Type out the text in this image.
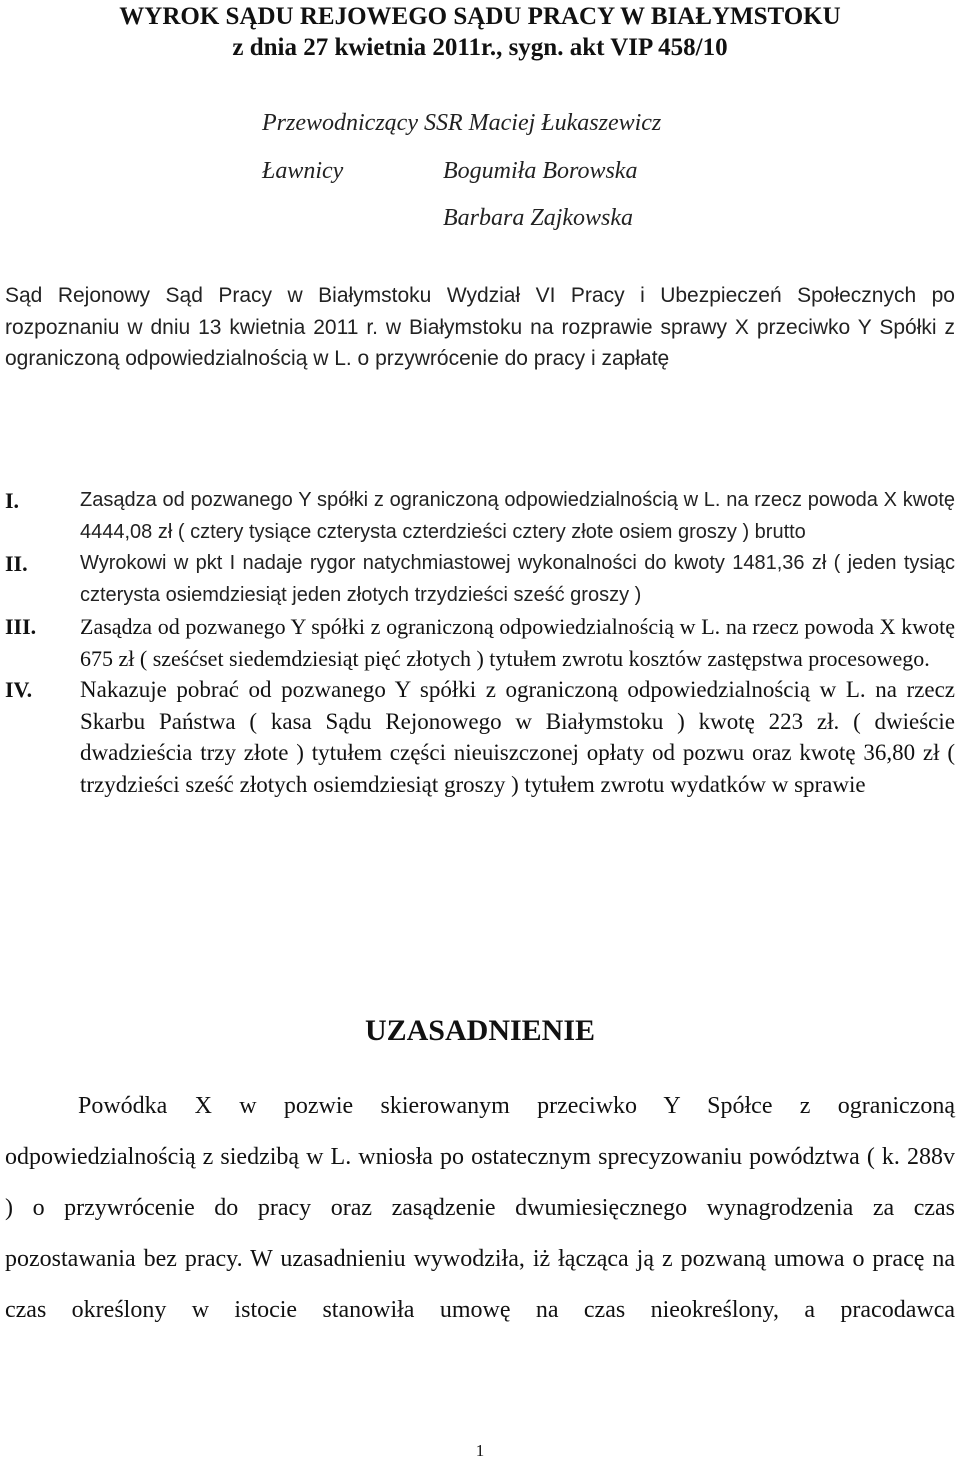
WYROK SĄDU REJOWEGO SĄDU PRACY W BIAŁYMSTOKU

z dnia 27 kwietnia 2011r., sygn. akt VIP 458/10

Przewodniczący SSR Maciej Łukaszewicz
Ławnicy	Bogumiła Borowska
Barbara Zajkowska

Sąd Rejonowy Sąd Pracy w Białymstoku Wydział VI Pracy i Ubezpieczeń Społecznych po rozpoznaniu w dniu 13 kwietnia 2011 r. w Białymstoku na rozprawie sprawy X przeciwko Y Spółki z ograniczoną odpowiedzialnością w L. o przywrócenie do pracy i zapłatę

I.	Zasądza od pozwanego Y spółki z ograniczoną odpowiedzialnością w L. na rzecz powoda X kwotę 4444,08 zł ( cztery tysiące czterysta czterdzieści cztery złote osiem groszy ) brutto
II.	Wyrokowi w pkt I nadaje rygor natychmiastowej wykonalności do kwoty 1481,36 zł ( jeden tysiąc czterysta osiemdziesiąt jeden złotych trzydzieści sześć groszy )
III. Zasądza od pozwanego Y spółki z ograniczoną odpowiedzialnością w L. na rzecz powoda X kwotę 675 zł ( sześćset siedemdziesiąt pięć złotych ) tytułem zwrotu kosztów zastępstwa procesowego.
IV. Nakazuje pobrać od pozwanego Y spółki z ograniczoną odpowiedzialnością w L. na rzecz Skarbu Państwa ( kasa Sądu Rejonowego w Białymstoku ) kwotę 223 zł. ( dwieście dwadzieścia trzy złote ) tytułem części nieuiszczonej opłaty od pozwu oraz kwotę 36,80 zł ( trzydzieści sześć złotych osiemdziesiąt groszy ) tytułem zwrotu wydatków w sprawie
UZASADNIENIE

Powódka X w pozwie skierowanym przeciwko Y Spółce z ograniczoną odpowiedzialnością z siedzibą w L. wniosła po ostatecznym sprecyzowaniu powództwa ( k. 288v ) o przywrócenie do pracy oraz zasądzenie dwumiesięcznego wynagrodzenia za czas pozostawania bez pracy. W uzasadnieniu wywodziła, iż łącząca ją z pozwaną umowa o pracę na czas określony w istocie stanowiła umowę na czas nieokreślony, a pracodawca

1
